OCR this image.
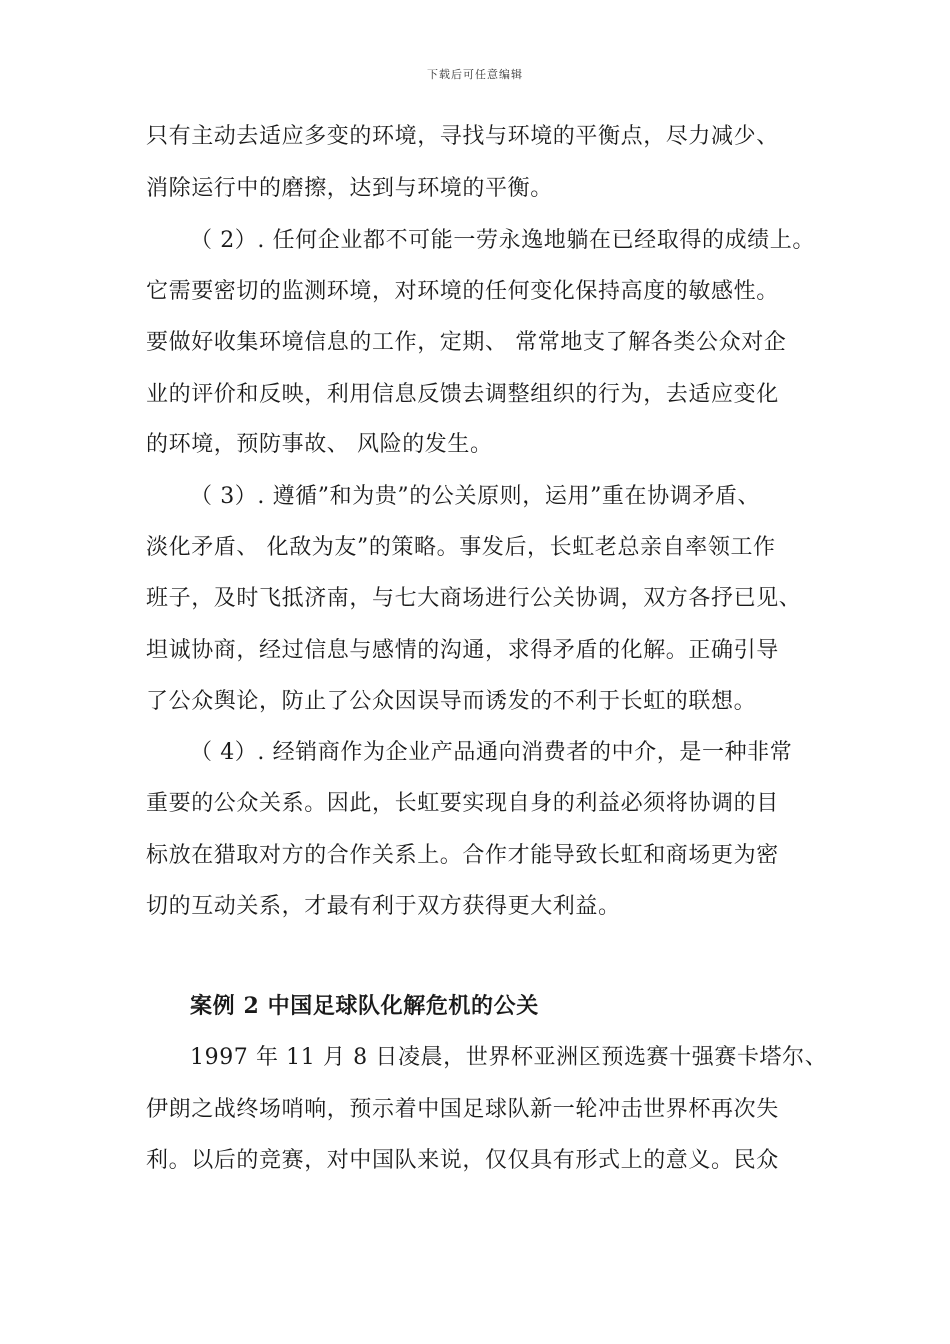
下载后可任意编辑
只有主动去适应多变的环境，寻找与环境的平衡点，尽力减少、
消除运行中的磨擦，达到与环境的平衡。
（ 2）. 任何企业都不可能一劳永逸地躺在已经取得的成绩上。
它需要密切的监测环境，对环境的任何变化保持高度的敏感性。
要做好收集环境信息的工作，定期、 常常地支了解各类公众对企
业的评价和反映，利用信息反馈去调整组织的行为，去适应变化
的环境，预防事故、 风险的发生。
（ 3）. 遵循”和为贵”的公关原则，运用”重在协调矛盾、
淡化矛盾、 化敌为友”的策略。事发后，长虹老总亲自率领工作
班子，及时飞抵济南，与七大商场进行公关协调，双方各抒已见、
坦诚协商，经过信息与感情的沟通，求得矛盾的化解。正确引导
了公众舆论，防止了公众因误导而诱发的不利于长虹的联想。
（ 4）. 经销商作为企业产品通向消费者的中介，是一种非常
重要的公众关系。因此，长虹要实现自身的利益必须将协调的目
标放在猎取对方的合作关系上。合作才能导致长虹和商场更为密
切的互动关系，才最有利于双方获得更大利益。
案例 2 中国足球队化解危机的公关
1997 年 11 月 8 日凌晨，世界杯亚洲区预选赛十强赛卡塔尔、
伊朗之战终场哨响，预示着中国足球队新一轮冲击世界杯再次失
利。以后的竞赛，对中国队来说，仅仅具有形式上的意义。民众
